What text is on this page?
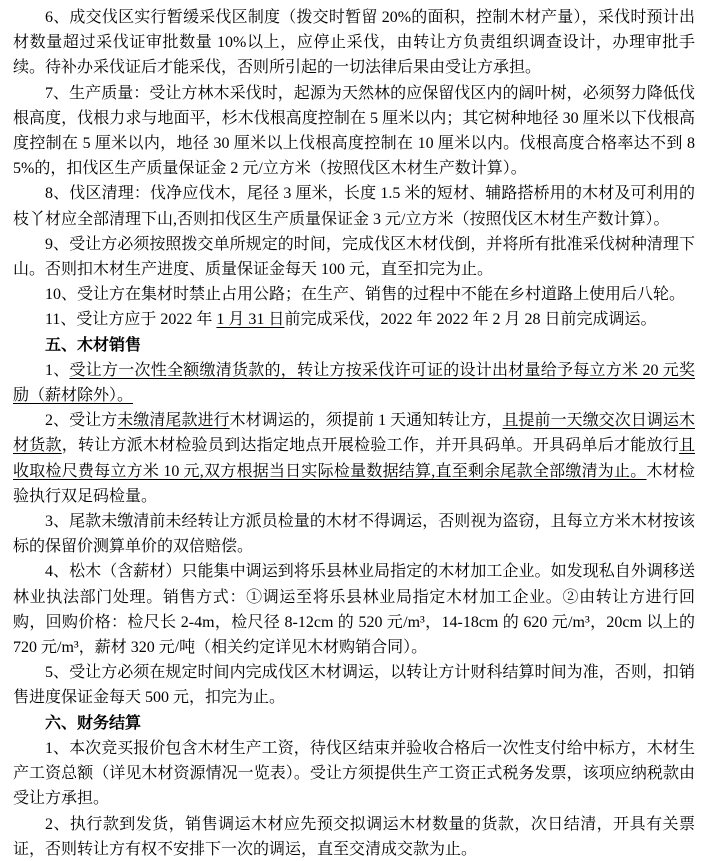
6、成交伐区实行暂缓采伐区制度（拨交时暂留 20%的面积，控制木材产量），采伐时预计出材数量超过采伐证审批数量 10%以上，应停止采伐，由转让方负责组织调查设计，办理审批手续。待补办采伐证后才能采伐，否则所引起的一切法律后果由受让方承担。

7、生产质量：受让方林木采伐时，起源为天然林的应保留伐区内的阔叶树，必须努力降低伐根高度，伐根力求与地面平，杉木伐根高度控制在 5 厘米以内；其它树种地径 30 厘米以下伐根高度控制在 5 厘米以内，地径 30 厘米以上伐根高度控制在 10 厘米以内。伐根高度合格率达不到 85%的，扣伐区生产质量保证金 2 元/立方米（按照伐区木材生产数计算）。

8、伐区清理：伐净应伐木，尾径 3 厘米，长度 1.5 米的短材、辅路搭桥用的木材及可利用的枝丫材应全部清理下山,否则扣伐区生产质量保证金 3 元/立方米（按照伐区木材生产数计算）。

9、受让方必须按照拨交单所规定的时间，完成伐区木材伐倒，并将所有批准采伐树种清理下山。否则扣木材生产进度、质量保证金每天 100 元，直至扣完为止。

10、受让方在集材时禁止占用公路；在生产、销售的过程中不能在乡村道路上使用后八轮。

11、受让方应于 2022 年 1 月 31 日前完成采伐，2022 年 2022 年 2 月 28 日前完成调运。

五、木材销售

1、受让方一次性全额缴清货款的，转让方按采伐许可证的设计出材量给予每立方米 20 元奖励（薪材除外）。

2、受让方未缴清尾款进行木材调运的，须提前 1 天通知转让方，且提前一天缴交次日调运木材货款，转让方派木材检验员到达指定地点开展检验工作，并开具码单。开具码单后才能放行且收取检尺费每立方米 10 元,双方根据当日实际检量数据结算,直至剩余尾款全部缴清为止。木材检验执行双足码检量。

3、尾款未缴清前未经转让方派员检量的木材不得调运，否则视为盗窃，且每立方米木材按该标的保留价测算单价的双倍赔偿。

4、松木（含薪材）只能集中调运到将乐县林业局指定的木材加工企业。如发现私自外调移送林业执法部门处理。销售方式：①调运至将乐县林业局指定木材加工企业。②由转让方进行回购，回购价格：检尺长 2-4m，检尺径 8-12cm 的 520 元/m³，14-18cm 的 620 元/m³，20cm 以上的 720 元/m³，薪材 320 元/吨（相关约定详见木材购销合同）。

5、受让方必须在规定时间内完成伐区木材调运，以转让方计财科结算时间为准，否则，扣销售进度保证金每天 500 元，扣完为止。

六、财务结算

1、本次竞买报价包含木材生产工资，待伐区结束并验收合格后一次性支付给中标方，木材生产工资总额（详见木材资源情况一览表）。受让方须提供生产工资正式税务发票，该项应纳税款由受让方承担。

2、执行款到发货，销售调运木材应先预交拟调运木材数量的货款，次日结清，开具有关票证，否则转让方有权不安排下一次的调运，直至交清成交款为止。
